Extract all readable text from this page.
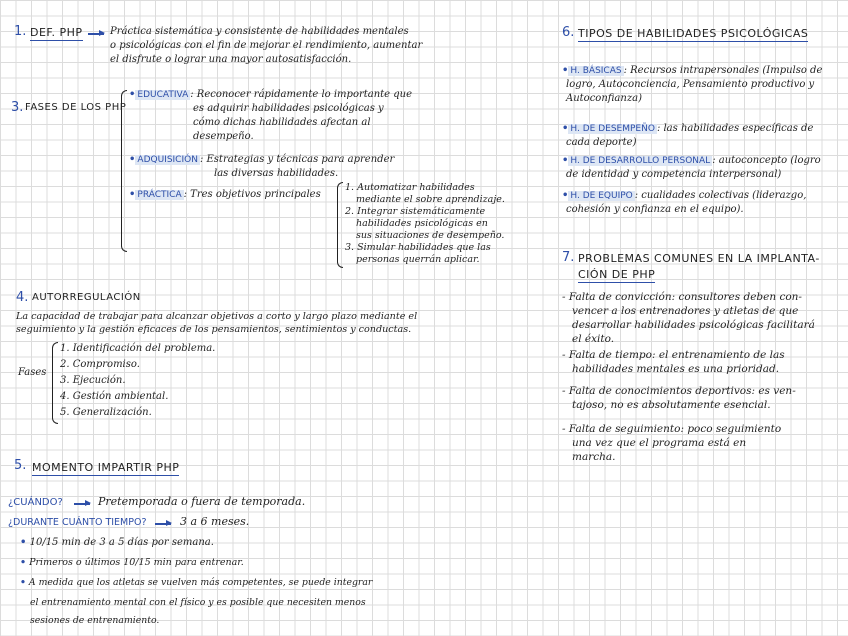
1. DEF. PHP	Práctica sistemática y consistente de habilidades mentales
o psicológicas con el fin de mejorar el rendimiento, aumentar
el disfrute o lograr una mayor autosatisfacción.
3. FASES DE LOS PHP
• EDUCATIVA : Reconocer rápidamente lo importante que
es adquirir habilidades psicológicas y
cómo dichas habilidades afectan al
desempeño.
• ADQUISICIÓN : Estrategias y técnicas para aprender
las diversas habilidades.
• PRÁCTICA : Tres objetivos principales
1. Automatizar habilidades
mediante el sobre aprendizaje.
2. Integrar sistemáticamente
habilidades psicológicas en
sus situaciones de desempeño.
3. Simular habilidades que las
personas querrán aplicar.
4. AUTORREGULACIÓN
La capacidad de trabajar para alcanzar objetivos a corto y largo plazo mediante el
seguimiento y la gestión eficaces de los pensamientos, sentimientos y conductas.
Fases
1. Identificación del problema.
2. Compromiso.
3. Ejecución.
4. Gestión ambiental.
5. Generalización.
5. MOMENTO IMPARTIR PHP
¿CUÁNDO?	Pretemporada o fuera de temporada.
¿DURANTE CUÁNTO TIEMPO?	3 a 6 meses.
• 10/15 min de 3 a 5 días por semana.
• Primeros o últimos 10/15 min para entrenar.
• A medida que los atletas se vuelven más competentes, se puede integrar
el entrenamiento mental con el físico y es posible que necesiten menos
sesiones de entrenamiento.
6. TIPOS DE HABILIDADES PSICOLÓGICAS
• H. BÁSICAS : Recursos intrapersonales (Impulso de
logro, Autoconciencia, Pensamiento productivo y
Autoconfianza)
• H. DE DESEMPEÑO : las habilidades específicas de
cada deporte)
• H. DE DESARROLLO PERSONAL : autoconcepto (logro
de identidad y competencia interpersonal)
• H. DE EQUIPO : cualidades colectivas (liderazgo,
cohesión y confianza en el equipo).
7. PROBLEMAS COMUNES EN LA IMPLANTA-
CIÓN DE PHP
- Falta de convicción: consultores deben con-
vencer a los entrenadores y atletas de que
desarrollar habilidades psicológicas facilitará
el éxito.
- Falta de tiempo: el entrenamiento de las
habilidades mentales es una prioridad.
- Falta de conocimientos deportivos: es ven-
tajoso, no es absolutamente esencial.
- Falta de seguimiento: poco seguimiento
una vez que el programa está en
marcha.
